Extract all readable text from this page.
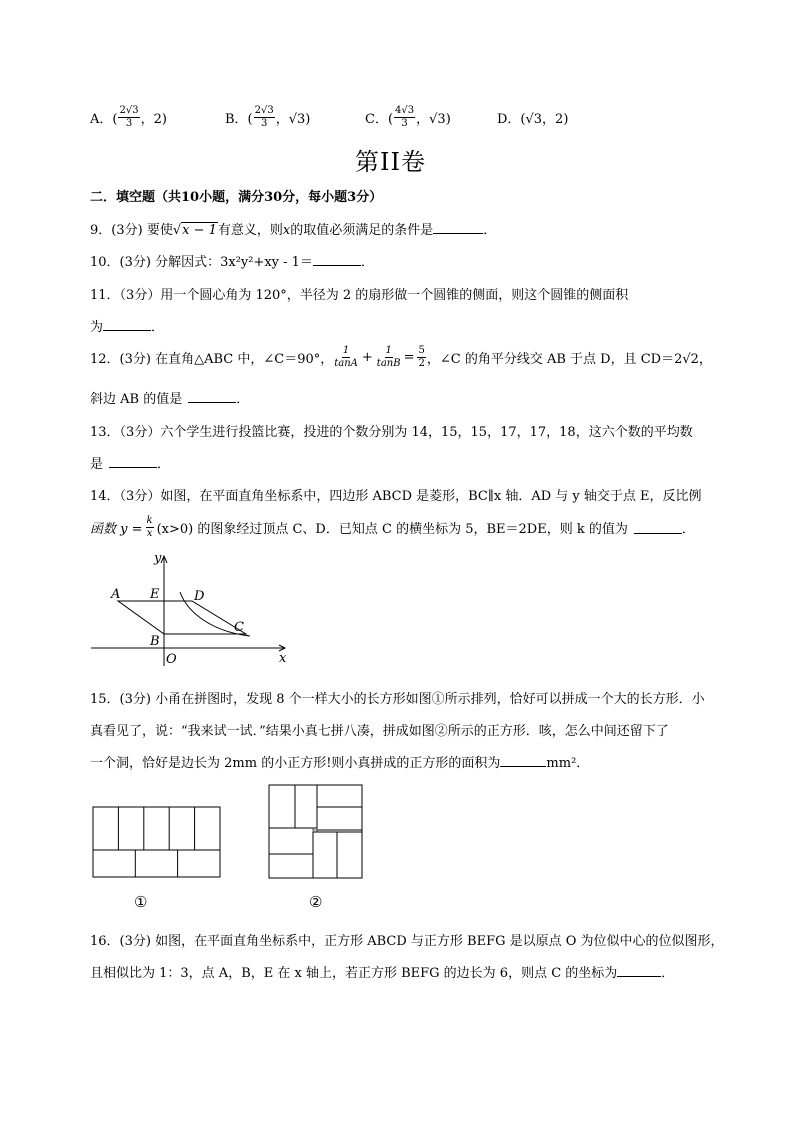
A．( $\frac{2√3}{3}$ ，2)	B．( $\frac{2√3}{3}$ ，√3)	C．( $\frac{4√3}{3}$ ，√3)	D．(√3，2)
第II卷
二．填空题（共10小题，满分30分，每小题3分）
9．(3分) 要使√ x − 1 有意义，则x的取值必须满足的条件是	．
10．(3分) 分解因式：3x²y²+xy - 1＝	．
11．（3分）用一个圆心角为 120°，半径为 2 的扇形做一个圆锥的侧面，则这个圆锥的侧面积
为	．
12．(3分) 在直角△ABC 中，∠C＝90°， $\frac{1}{\tan A} + \frac{1}{\tan B} = \frac{5}{2}$ ，∠C 的角平分线交 AB 于点 D，且 CD＝2√2，
斜边 AB 的值是	．
13．（3分）六个学生进行投篮比赛，投进的个数分别为 14，15，15，17，17，18，这六个数的平均数
是	．
14．（3分）如图，在平面直角坐标系中，四边形 ABCD 是菱形，BC∥x 轴．AD 与 y 轴交于点 E，反比例
函数 $y = \frac{k}{x} (x>0)$ 的图象经过顶点 C、D．已知点 C 的横坐标为 5，BE＝2DE，则 k 的值为	．
A E	D
B
C
O	x
y
15．(3分) 小甬在拼图时，发现 8 个一样大小的长方形如图①所示排列，恰好可以拼成一个大的长方形．小
真看见了，说：“我来试一试．”结果小真七拼八凑，拼成如图②所示的正方形．咳，怎么中间还留下了
一个洞，恰好是边长为 2mm 的小正方形!则小真拼成的正方形的面积为	mm²．
①	②
16．(3分) 如图，在平面直角坐标系中，正方形 ABCD 与正方形 BEFG 是以原点 O 为位似中心的位似图形，
且相似比为 1：3，点 A，B，E 在 x 轴上，若正方形 BEFG 的边长为 6，则点 C 的坐标为	．
